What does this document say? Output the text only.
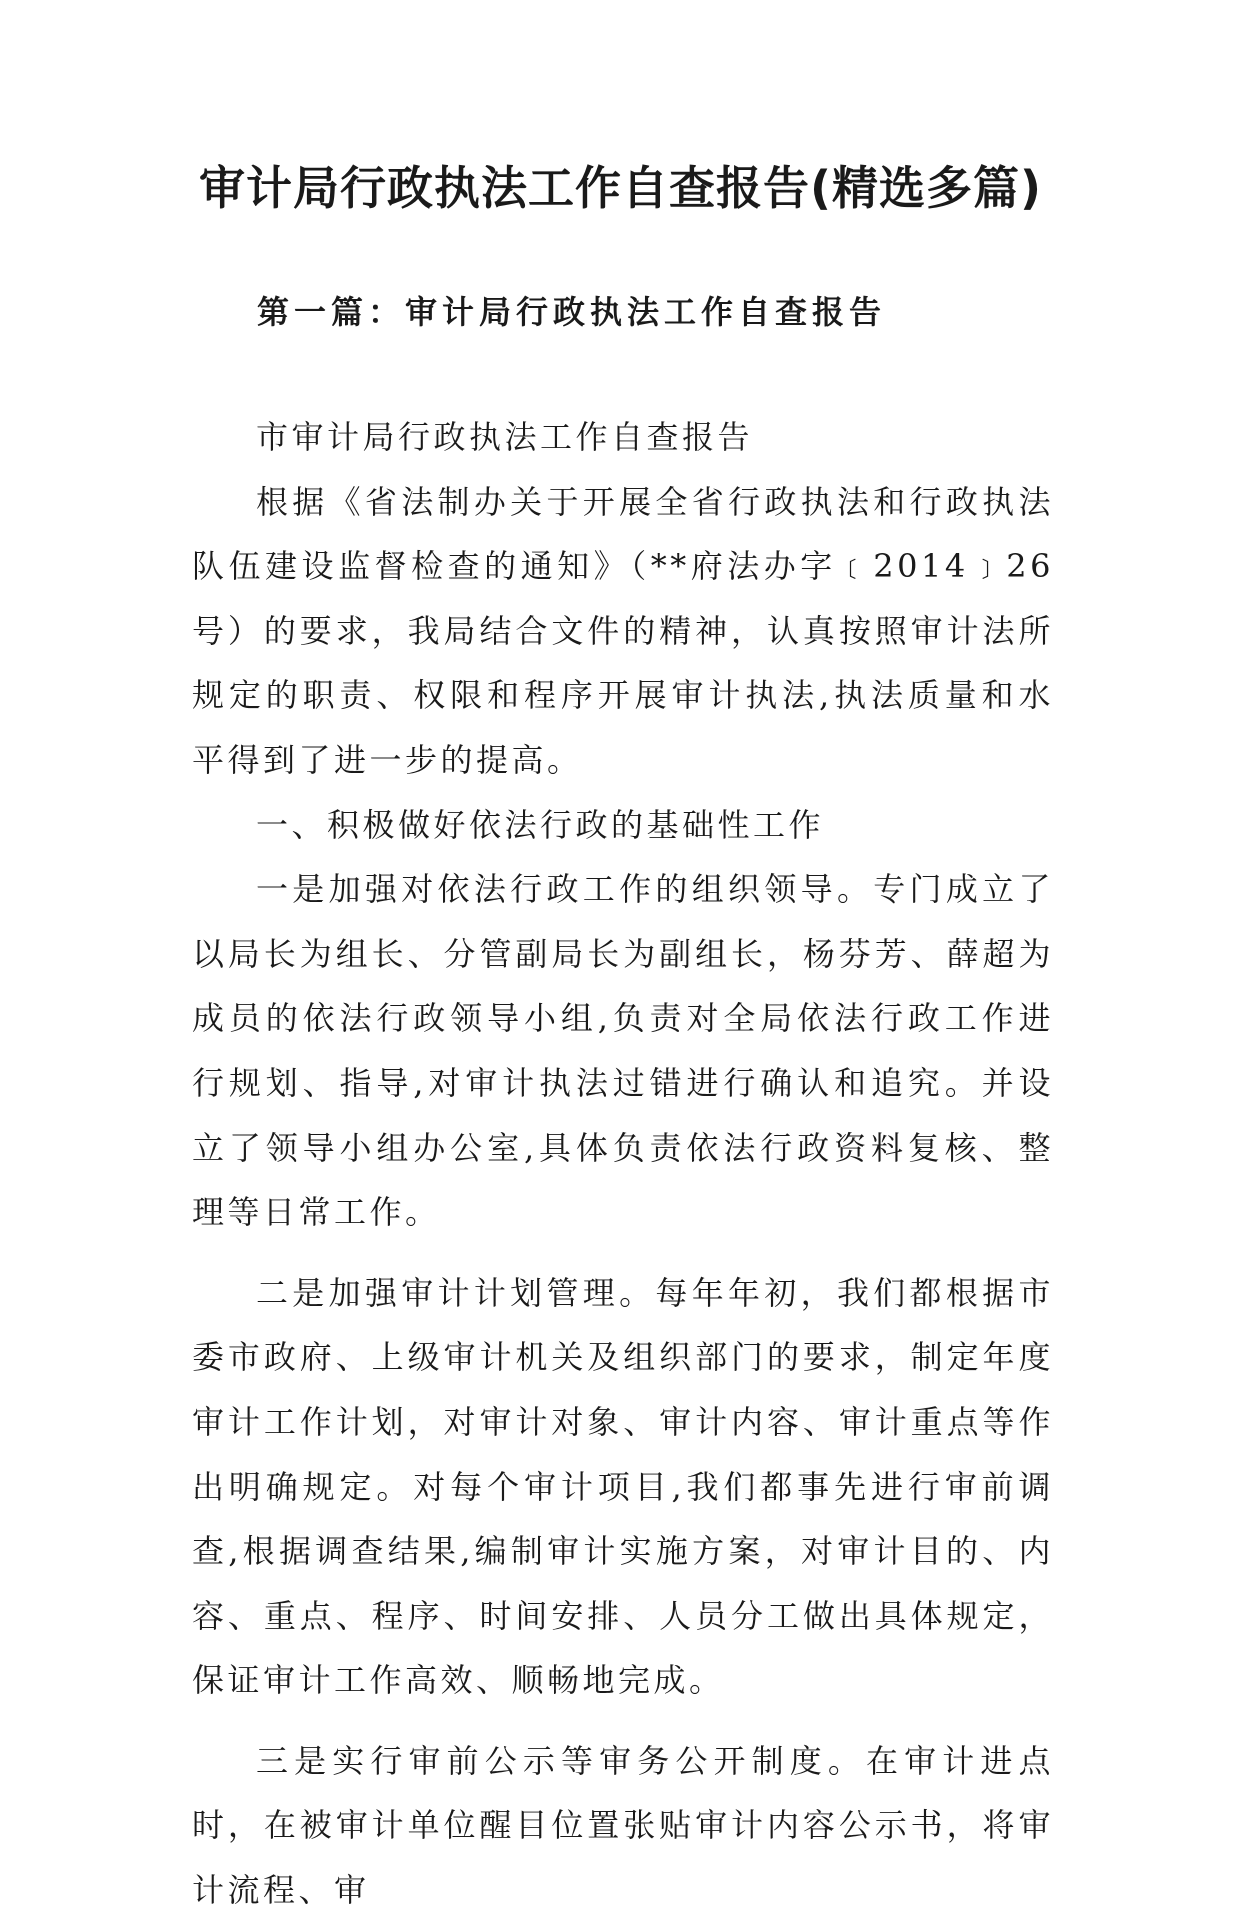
审计局行政执法工作自查报告(精选多篇)
第一篇：审计局行政执法工作自查报告

市审计局行政执法工作自查报告

根据《省法制办关于开展全省行政执法和行政执法队伍建设监督检查的通知》（**府法办字﹝2014﹞26号）的要求，我局结合文件的精神，认真按照审计法所规定的职责、权限和程序开展审计执法,执法质量和水平得到了进一步的提高。

一、积极做好依法行政的基础性工作

一是加强对依法行政工作的组织领导。专门成立了以局长为组长、分管副局长为副组长，杨芬芳、薛超为成员的依法行政领导小组,负责对全局依法行政工作进行规划、指导,对审计执法过错进行确认和追究。并设立了领导小组办公室,具体负责依法行政资料复核、整理等日常工作。

二是加强审计计划管理。每年年初，我们都根据市委市政府、上级审计机关及组织部门的要求，制定年度审计工作计划，对审计对象、审计内容、审计重点等作出明确规定。对每个审计项目,我们都事先进行审前调查,根据调查结果,编制审计实施方案，对审计目的、内容、重点、程序、时间安排、人员分工做出具体规定，保证审计工作高效、顺畅地完成。

三是实行审前公示等审务公开制度。在审计进点时，在被审计单位醒目位置张贴审计内容公示书，将审计流程、审
